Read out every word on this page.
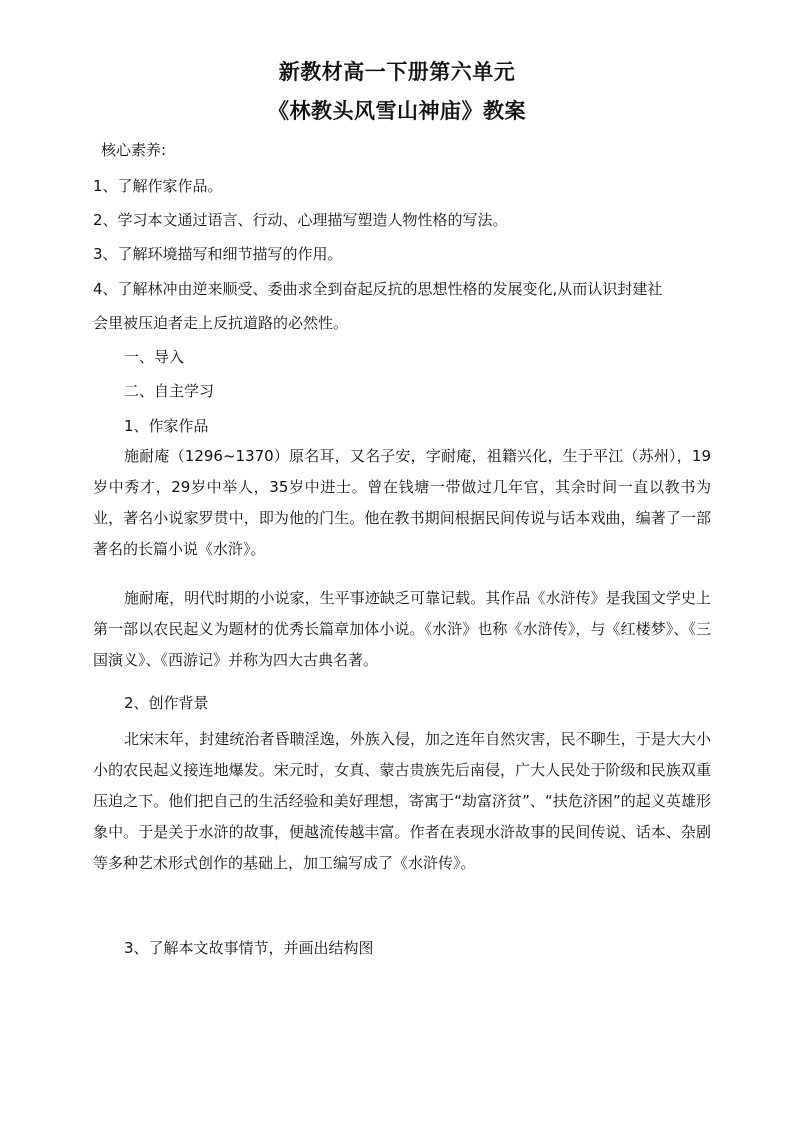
新教材高一下册第六单元
《林教头风雪山神庙》教案
核心素养:
1、了解作家作品。
2、学习本文通过语言、行动、心理描写塑造人物性格的写法。
3、了解环境描写和细节描写的作用。
4、了解林冲由逆来顺受、委曲求全到奋起反抗的思想性格的发展变化,从而认识封建社
会里被压迫者走上反抗道路的必然性。
一、导入
二、自主学习
1、作家作品

施耐庵（1296~1370）原名耳，又名子安，字耐庵，祖籍兴化，生于平江（苏州），19岁中秀才，29岁中举人，35岁中进士。曾在钱塘一带做过几年官，其余时间一直以教书为业，著名小说家罗贯中，即为他的门生。他在教书期间根据民间传说与话本戏曲，编著了一部著名的长篇小说《水浒》。

施耐庵，明代时期的小说家，生平事迹缺乏可靠记载。其作品《水浒传》是我国文学史上第一部以农民起义为题材的优秀长篇章加体小说。《水浒》也称《水浒传》，与《红楼梦》、《三国演义》、《西游记》并称为四大古典名著。

2、创作背景

北宋末年，封建统治者昏聩淫逸，外族入侵，加之连年自然灾害，民不聊生，于是大大小小的农民起义接连地爆发。宋元时，女真、蒙古贵族先后南侵，广大人民处于阶级和民族双重压迫之下。他们把自己的生活经验和美好理想，寄寓于“劫富济贫”、“扶危济困”的起义英雄形象中。于是关于水浒的故事，便越流传越丰富。作者在表现水浒故事的民间传说、话本、杂剧等多种艺术形式创作的基础上，加工编写成了《水浒传》。

3、了解本文故事情节，并画出结构图
